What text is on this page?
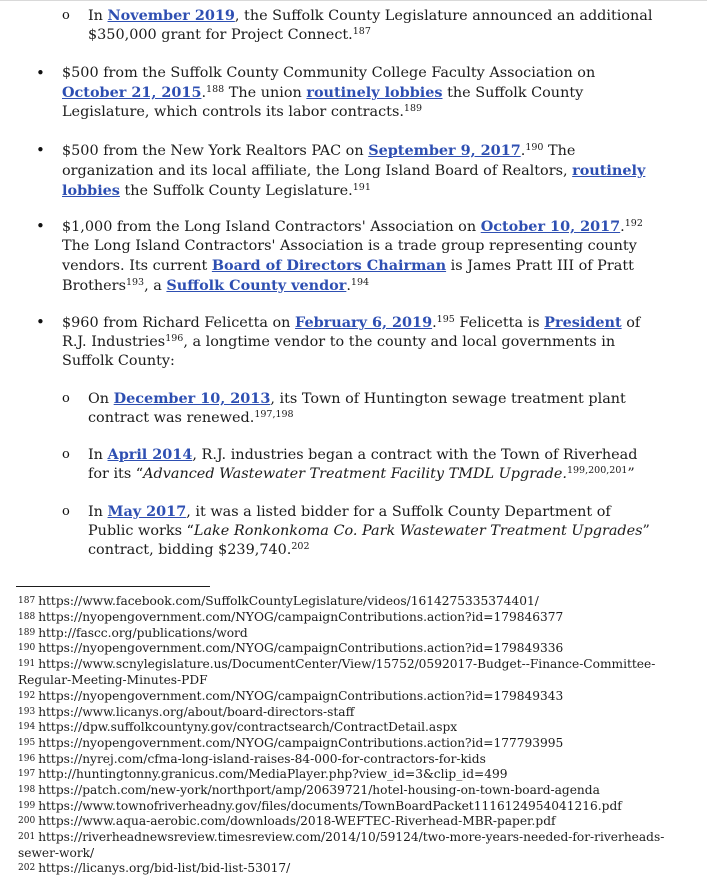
o In November 2019, the Suffolk County Legislature announced an additional $350,000 grant for Project Connect.$^{187}$
• $500 from the Suffolk County Community College Faculty Association on October 21, 2015.$^{188}$ The union routinely lobbies the Suffolk County Legislature, which controls its labor contracts.$^{189}$
• $500 from the New York Realtors PAC on September 9, 2017.$^{190}$ The organization and its local affiliate, the Long Island Board of Realtors, routinely lobbies the Suffolk County Legislature.$^{191}$
• $1,000 from the Long Island Contractors' Association on October 10, 2017.$^{192}$ The Long Island Contractors' Association is a trade group representing county vendors. Its current Board of Directors Chairman is James Pratt III of Pratt Brothers$^{193}$, a Suffolk County vendor.$^{194}$
• $960 from Richard Felicetta on February 6, 2019.$^{195}$ Felicetta is President of R.J. Industries$^{196}$, a longtime vendor to the county and local governments in Suffolk County:
o On December 10, 2013, its Town of Huntington sewage treatment plant contract was renewed.$^{197,198}$
o In April 2014, R.J. industries began a contract with the Town of Riverhead for its “Advanced Wastewater Treatment Facility TMDL Upgrade.$^{199,200,201}$”
o In May 2017, it was a listed bidder for a Suffolk County Department of Public works “Lake Ronkonkoma Co. Park Wastewater Treatment Upgrades” contract, bidding $239,740.$^{202}$
187 https://www.facebook.com/SuffolkCountyLegislature/videos/1614275335374401/
188 https://nyopengovernment.com/NYOG/campaignContributions.action?id=179846377
189 http://fascc.org/publications/word
190 https://nyopengovernment.com/NYOG/campaignContributions.action?id=179849336
191 https://www.scnylegislature.us/DocumentCenter/View/15752/0592017-Budget--Finance-Committee-Regular-Meeting-Minutes-PDF
192 https://nyopengovernment.com/NYOG/campaignContributions.action?id=179849343
193 https://www.licanys.org/about/board-directors-staff
194 https://dpw.suffolkcountyny.gov/contractsearch/ContractDetail.aspx
195 https://nyopengovernment.com/NYOG/campaignContributions.action?id=177793995
196 https://nyrej.com/cfma-long-island-raises-84-000-for-contractors-for-kids
197 http://huntingtonny.granicus.com/MediaPlayer.php?view_id=3&clip_id=499
198 https://patch.com/new-york/northport/amp/20639721/hotel-housing-on-town-board-agenda
199 https://www.townofriverheadny.gov/files/documents/TownBoardPacket1116124954041216.pdf
200 https://www.aqua-aerobic.com/downloads/2018-WEFTEC-Riverhead-MBR-paper.pdf
201 https://riverheadnewsreview.timesreview.com/2014/10/59124/two-more-years-needed-for-riverheads-sewer-work/
202 https://licanys.org/bid-list/bid-list-53017/
